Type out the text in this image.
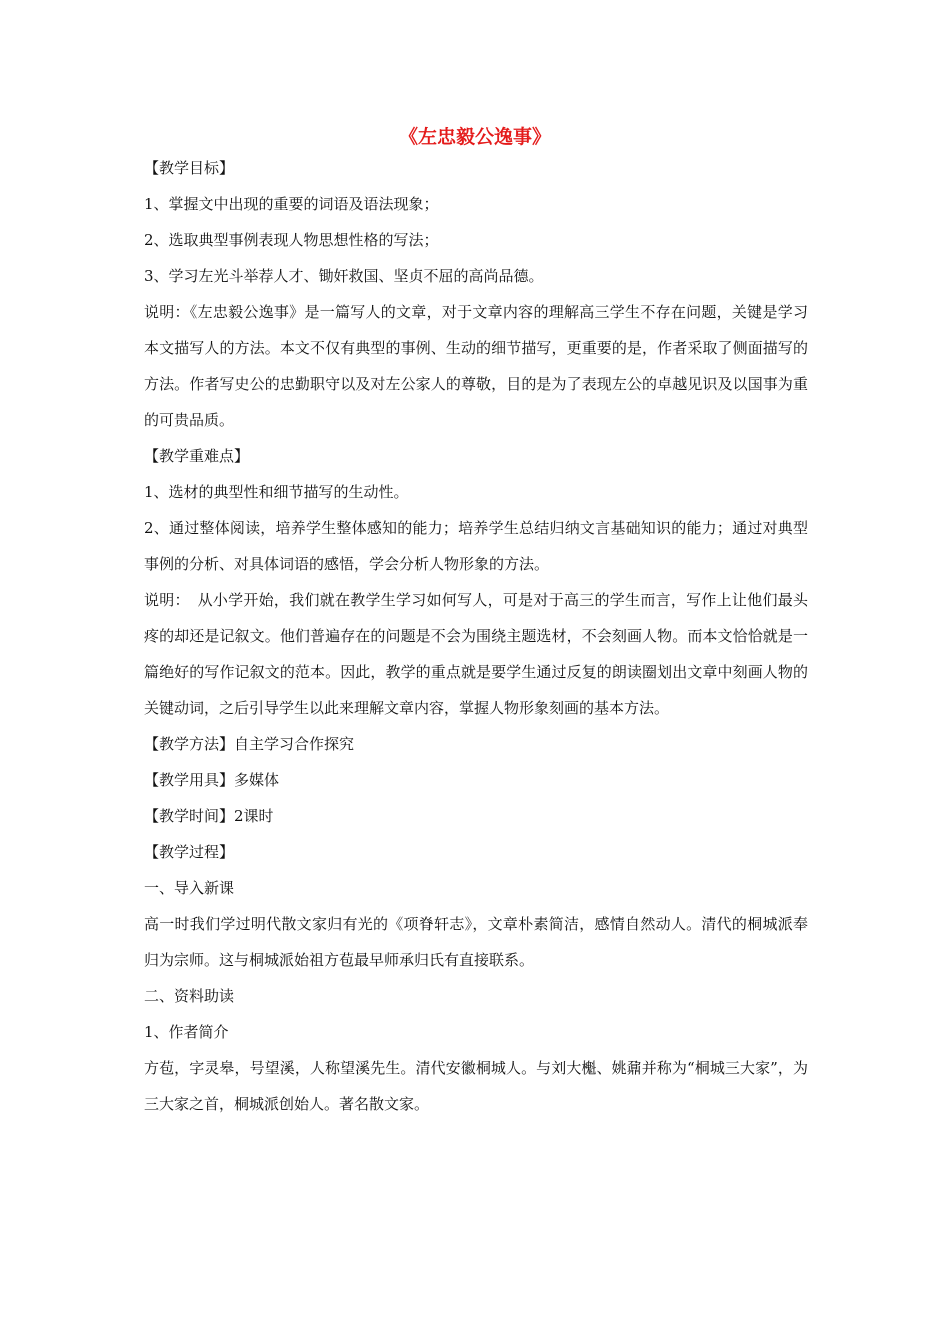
《左忠毅公逸事》
【教学目标】
1、掌握文中出现的重要的词语及语法现象；
2、选取典型事例表现人物思想性格的写法；
3、学习左光斗举荐人才、锄奸救国、坚贞不屈的高尚品德。
说明：《左忠毅公逸事》是一篇写人的文章，对于文章内容的理解高三学生不存在问题，关键是学习本文描写人的方法。本文不仅有典型的事例、生动的细节描写，更重要的是，作者采取了侧面描写的方法。作者写史公的忠勤职守以及对左公家人的尊敬，目的是为了表现左公的卓越见识及以国事为重的可贵品质。
【教学重难点】
1、选材的典型性和细节描写的生动性。
2、通过整体阅读，培养学生整体感知的能力；培养学生总结归纳文言基础知识的能力；通过对典型事例的分析、对具体词语的感悟，学会分析人物形象的方法。
说明：　从小学开始，我们就在教学生学习如何写人，可是对于高三的学生而言，写作上让他们最头疼的却还是记叙文。他们普遍存在的问题是不会为围绕主题选材，不会刻画人物。而本文恰恰就是一篇绝好的写作记叙文的范本。因此，教学的重点就是要学生通过反复的朗读圈划出文章中刻画人物的关键动词，之后引导学生以此来理解文章内容，掌握人物形象刻画的基本方法。
【教学方法】自主学习合作探究
【教学用具】多媒体
【教学时间】2课时
【教学过程】
一、导入新课
高一时我们学过明代散文家归有光的《项脊轩志》，文章朴素简洁，感情自然动人。清代的桐城派奉归为宗师。这与桐城派始祖方苞最早师承归氏有直接联系。
二、资料助读
1、作者简介
方苞，字灵皋，号望溪，人称望溪先生。清代安徽桐城人。与刘大櫆、姚鼐并称为“桐城三大家”，为三大家之首，桐城派创始人。著名散文家。
